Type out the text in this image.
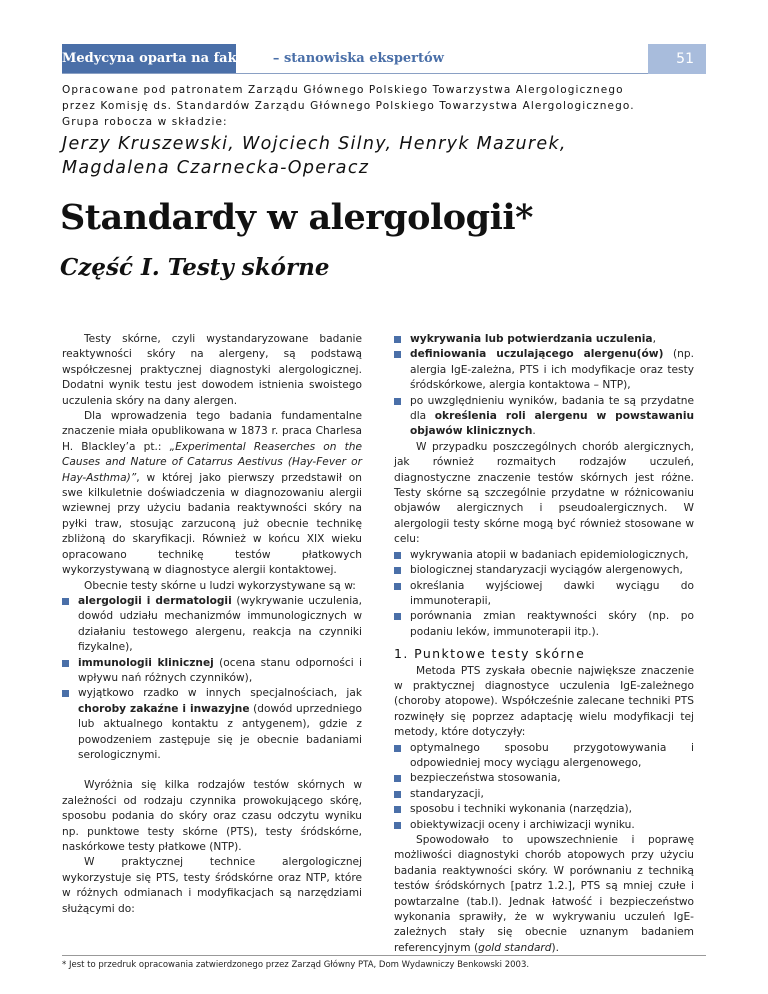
51
Medycyna oparta na faktach – stanowiska ekspertów
Opracowane pod patronatem Zarządu Głównego Polskiego Towarzystwa Alergologicznego
przez Komisję ds. Standardów Zarządu Głównego Polskiego Towarzystwa Alergologicznego.
Grupa robocza w składzie:
Jerzy Kruszewski, Wojciech Silny, Henryk Mazurek,
Magdalena Czarnecka-Operacz
Standardy w alergologii*
Część I. Testy skórne

Testy skórne, czyli wystandaryzowane badanie reaktywności skóry na alergeny, są podstawą współczesnej praktycznej diagnostyki alergologicznej. Dodatni wynik testu jest dowodem istnienia swoistego uczulenia skóry na dany alergen.

Dla wprowadzenia tego badania fundamentalne znaczenie miała opublikowana w 1873 r. praca Charlesa H. Blackley’a pt.: „Experimental Reaserches on the Causes and Nature of Catarrus Aestivus (Hay-Fever or Hay-Asthma)”, w której jako pierwszy przedstawił on swe kilkuletnie doświadczenia w diagnozowaniu alergii wziewnej przy użyciu badania reaktywności skóry na pyłki traw, stosując zarzuconą już obecnie technikę zbliżoną do skaryfikacji. Również w końcu XIX wieku opracowano technikę testów płatkowych wykorzystywaną w diagnostyce alergii kontaktowej.

Obecnie testy skórne u ludzi wykorzystywane są w:

alergologii i dermatologii (wykrywanie uczulenia, dowód udziału mechanizmów immunologicznych w działaniu testowego alergenu, reakcja na czynniki fizykalne),
immunologii klinicznej (ocena stanu odporności i wpływu nań różnych czynników),
wyjątkowo rzadko w innych specjalnościach, jak choroby zakaźne i inwazyjne (dowód uprzedniego lub aktualnego kontaktu z antygenem), gdzie z powodzeniem zastępuje się je obecnie badaniami serologicznymi.

Wyróżnia się kilka rodzajów testów skórnych w zależności od rodzaju czynnika prowokującego skórę, sposobu podania do skóry oraz czasu odczytu wyniku np. punktowe testy skórne (PTS), testy śródskórne, naskórkowe testy płatkowe (NTP).

W praktycznej technice alergologicznej wykorzystuje się PTS, testy śródskórne oraz NTP, które w różnych odmianach i modyfikacjach są narzędziami służącymi do:

wykrywania lub potwierdzania uczulenia,
definiowania uczulającego alergenu(ów) (np. alergia IgE-zależna, PTS i ich modyfikacje oraz testy śródskórkowe, alergia kontaktowa – NTP),
po uwzględnieniu wyników, badania te są przydatne dla określenia roli alergenu w powstawaniu objawów klinicznych.

W przypadku poszczególnych chorób alergicznych, jak również rozmaitych rodzajów uczuleń, diagnostyczne znaczenie testów skórnych jest różne. Testy skórne są szczególnie przydatne w różnicowaniu objawów alergicznych i pseudoalergicznych. W alergologii testy skórne mogą być również stosowane w celu:

wykrywania atopii w badaniach epidemiologicznych,
biologicznej standaryzacji wyciągów alergenowych,
określania wyjściowej dawki wyciągu do immunoterapii,
porównania zmian reaktywności skóry (np. po podaniu leków, immunoterapii itp.).
1. Punktowe testy skórne

Metoda PTS zyskała obecnie największe znaczenie w praktycznej diagnostyce uczulenia IgE-zależnego (choroby atopowe). Współcześnie zalecane techniki PTS rozwinęły się poprzez adaptację wielu modyfikacji tej metody, które dotyczyły:

optymalnego sposobu przygotowywania i odpowiedniej mocy wyciągu alergenowego,
bezpieczeństwa stosowania,
standaryzacji,
sposobu i techniki wykonania (narzędzia),
obiektywizacji oceny i archiwizacji wyniku.

Spowodowało to upowszechnienie i poprawę możliwości diagnostyki chorób atopowych przy użyciu badania reaktywności skóry. W porównaniu z techniką testów śródskórnych [patrz 1.2.], PTS są mniej czułe i powtarzalne (tab.I). Jednak łatwość i bezpieczeństwo wykonania sprawiły, że w wykrywaniu uczuleń IgE-zależnych stały się obecnie uznanym badaniem referencyjnym (gold standard).

* Jest to przedruk opracowania zatwierdzonego przez Zarząd Główny PTA, Dom Wydawniczy Benkowski 2003.
